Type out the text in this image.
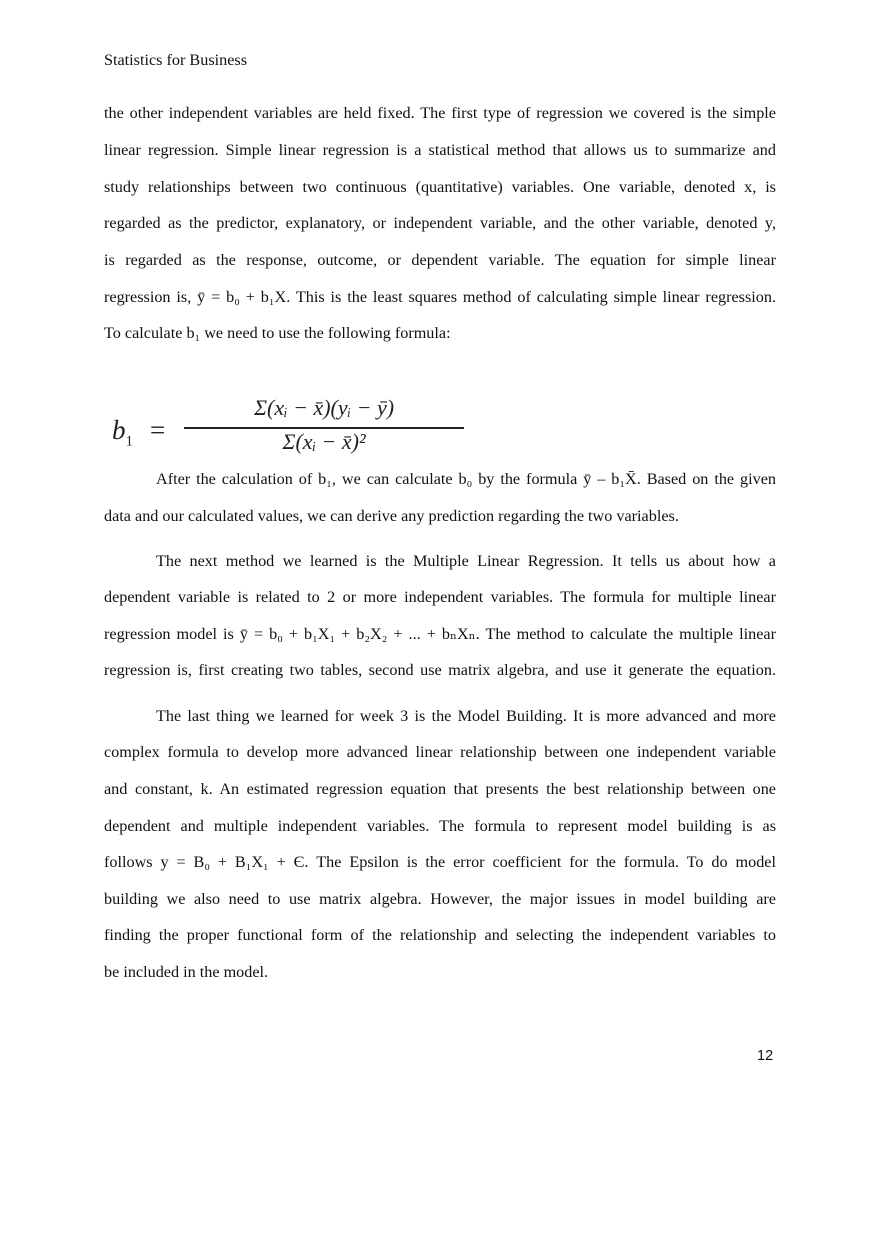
Statistics for Business
the other independent variables are held fixed. The first type of regression we covered is the simple
linear regression. Simple linear regression is a statistical method that allows us to summarize and
study relationships between two continuous (quantitative) variables. One variable, denoted x, is
regarded as the predictor, explanatory, or independent variable, and the other variable, denoted y,
is regarded as the response, outcome, or dependent variable. The equation for simple linear
regression is, ȳ = b₀ + b₁X. This is the least squares method of calculating simple linear regression.
To calculate b₁ we need to use the following formula:
After the calculation of b₁, we can calculate b₀ by the formula ȳ – b₁X̄. Based on the given
data and our calculated values, we can derive any prediction regarding the two variables.
The next method we learned is the Multiple Linear Regression. It tells us about how a
dependent variable is related to 2 or more independent variables. The formula for multiple linear
regression model is ȳ = b₀ + b₁X₁ + b₂X₂ + ... + bₙXₙ. The method to calculate the multiple linear
regression is, first creating two tables, second use matrix algebra, and use it generate the equation.
The last thing we learned for week 3 is the Model Building. It is more advanced and more
complex formula to develop more advanced linear relationship between one independent variable
and constant, k. An estimated regression equation that presents the best relationship between one
dependent and multiple independent variables. The formula to represent model building is as
follows y = B₀ + B₁X₁ + Є. The Epsilon is the error coefficient for the formula. To do model
building we also need to use matrix algebra. However, the major issues in model building are
finding the proper functional form of the relationship and selecting the independent variables to
be included in the model.
$b_1$ =
Σ(xᵢ − x̄)(yᵢ − ȳ)
Σ(xᵢ − x̄)²
12
